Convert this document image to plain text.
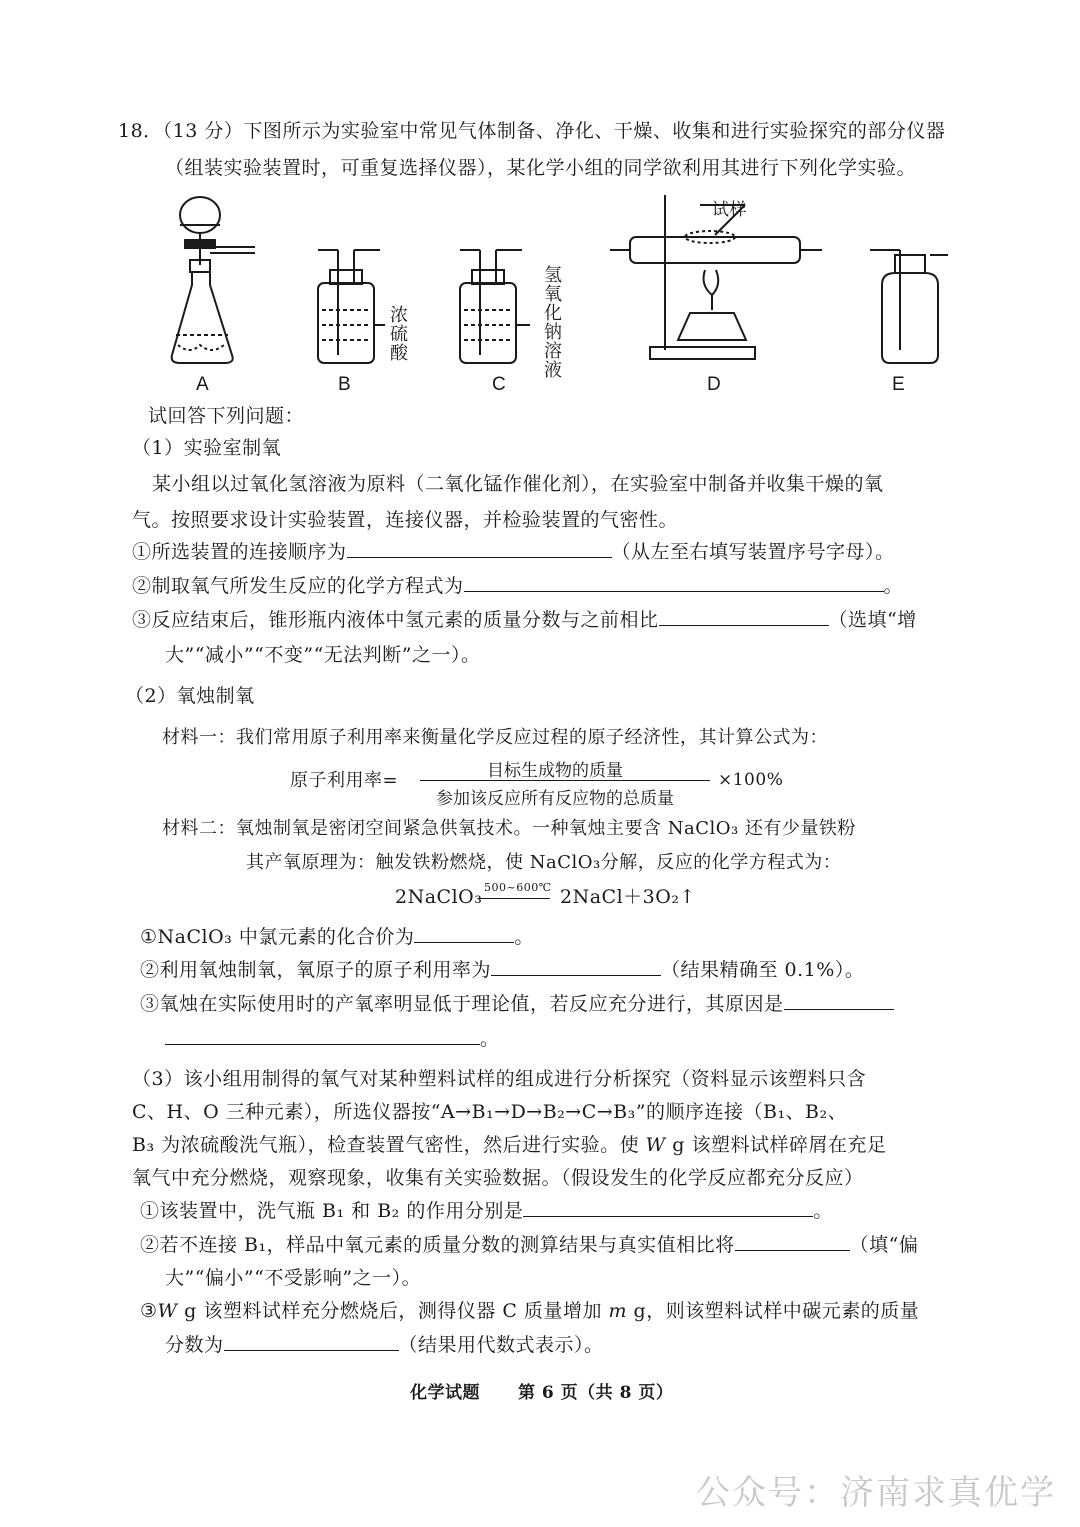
18．（13 分）下图所示为实验室中常见气体制备、净化、干燥、收集和进行实验探究的部分仪器
（组装实验装置时，可重复选择仪器），某化学小组的同学欲利用其进行下列化学实验。
A	B	C	D	E
浓硫酸	氢氧化钠溶液
试样
试回答下列问题：
（1）实验室制氧
某小组以过氧化氢溶液为原料（二氧化锰作催化剂），在实验室中制备并收集干燥的氧
气。按照要求设计实验装置，连接仪器，并检验装置的气密性。
①所选装置的连接顺序为	（从左至右填写装置序号字母）。
②制取氧气所发生反应的化学方程式为	。
③反应结束后，锥形瓶内液体中氢元素的质量分数与之前相比	（选填“增
大”“减小”“不变”“无法判断”之一）。
（2）氧烛制氧
材料一：我们常用原子利用率来衡量化学反应过程的原子经济性，其计算公式为：
原子利用率=	目标生成物的质量
参加该反应所有反应物的总质量
×100%
材料二：氧烛制氧是密闭空间紧急供氧技术。一种氧烛主要含 NaClO₃ 还有少量铁粉
其产氧原理为：触发铁粉燃烧，使 NaClO₃分解，反应的化学方程式为：
2NaClO₃ 500~600℃ 2NaCl＋3O₂↑
①NaClO₃ 中氯元素的化合价为	。
②利用氧烛制氧，氧原子的原子利用率为	（结果精确至 0.1%）。
③氧烛在实际使用时的产氧率明显低于理论值，若反应充分进行，其原因是
。
（3）该小组用制得的氧气对某种塑料试样的组成进行分析探究（资料显示该塑料只含
C、H、O 三种元素），所选仪器按“A→B₁→D→B₂→C→B₃”的顺序连接（B₁、B₂、
B₃ 为浓硫酸洗气瓶），检查装置气密性，然后进行实验。使 W g 该塑料试样碎屑在充足
氧气中充分燃烧，观察现象，收集有关实验数据。（假设发生的化学反应都充分反应）
①该装置中，洗气瓶 B₁ 和 B₂ 的作用分别是	。
②若不连接 B₁，样品中氧元素的质量分数的测算结果与真实值相比将	（填“偏
大”“偏小”“不受影响”之一）。
③W g 该塑料试样充分燃烧后，测得仪器 C 质量增加 m g，则该塑料试样中碳元素的质量
分数为	（结果用代数式表示）。
化学试题 第 6 页（共 8 页）
公众号：济南求真优学
